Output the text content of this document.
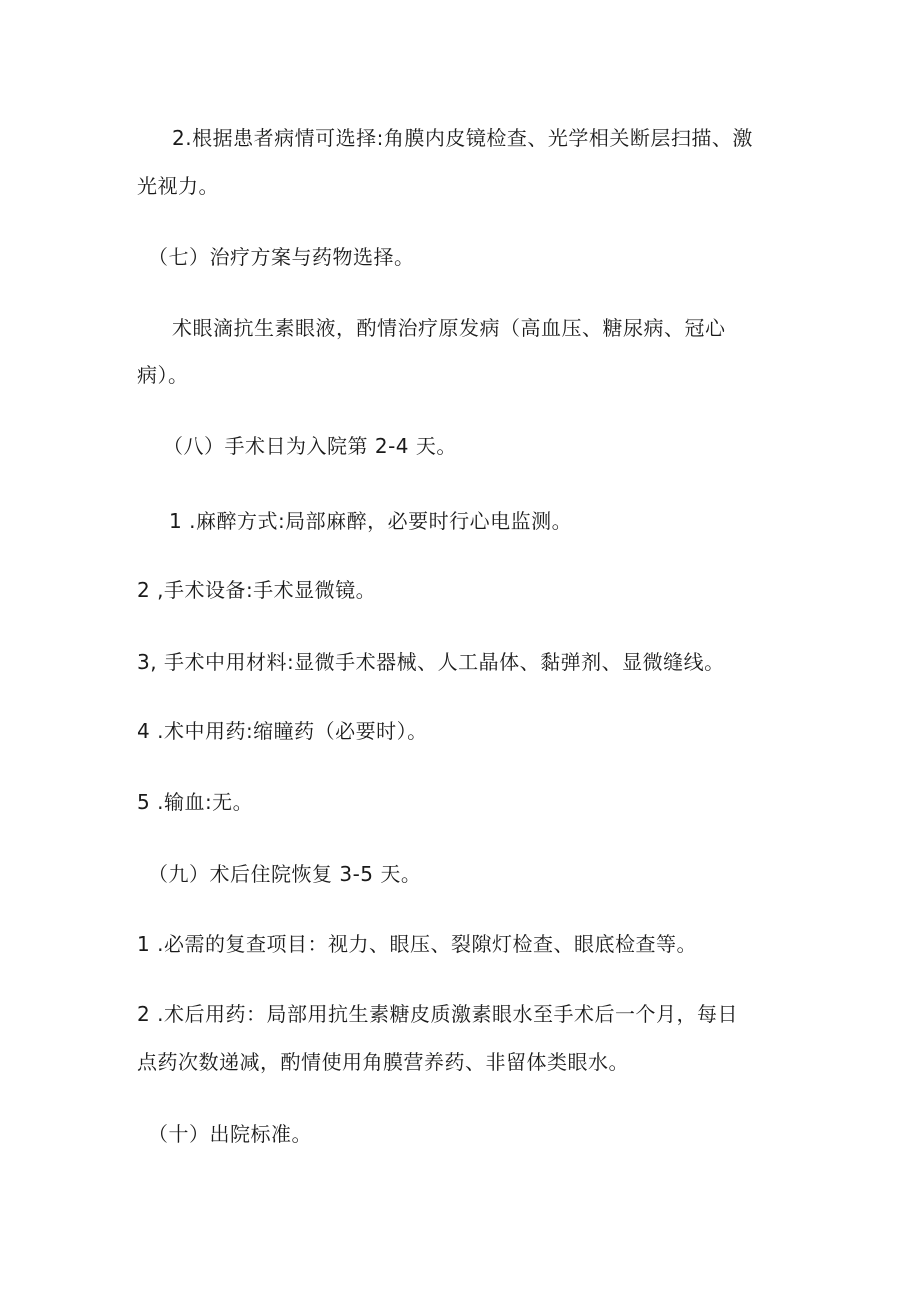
2.根据患者病情可选择:角膜内皮镜检查、光学相关断层扫描、激
光视力。
（七）治疗方案与药物选择。
术眼滴抗生素眼液，酌情治疗原发病（高血压、糖尿病、冠心
病）。
（八）手术日为入院第 2-4 天。
1 .麻醉方式:局部麻醉，必要时行心电监测。
2 ,手术设备:手术显微镜。
3, 手术中用材料:显微手术器械、人工晶体、黏弹剂、显微缝线。
4 .术中用药:缩瞳药（必要时）。
5 .输血:无。
（九）术后住院恢复 3-5 天。
1 .必需的复查项目：视力、眼压、裂隙灯检查、眼底检查等。
2 .术后用药：局部用抗生素糖皮质激素眼水至手术后一个月，每日
点药次数递减，酌情使用角膜营养药、非留体类眼水。
（十）出院标准。
